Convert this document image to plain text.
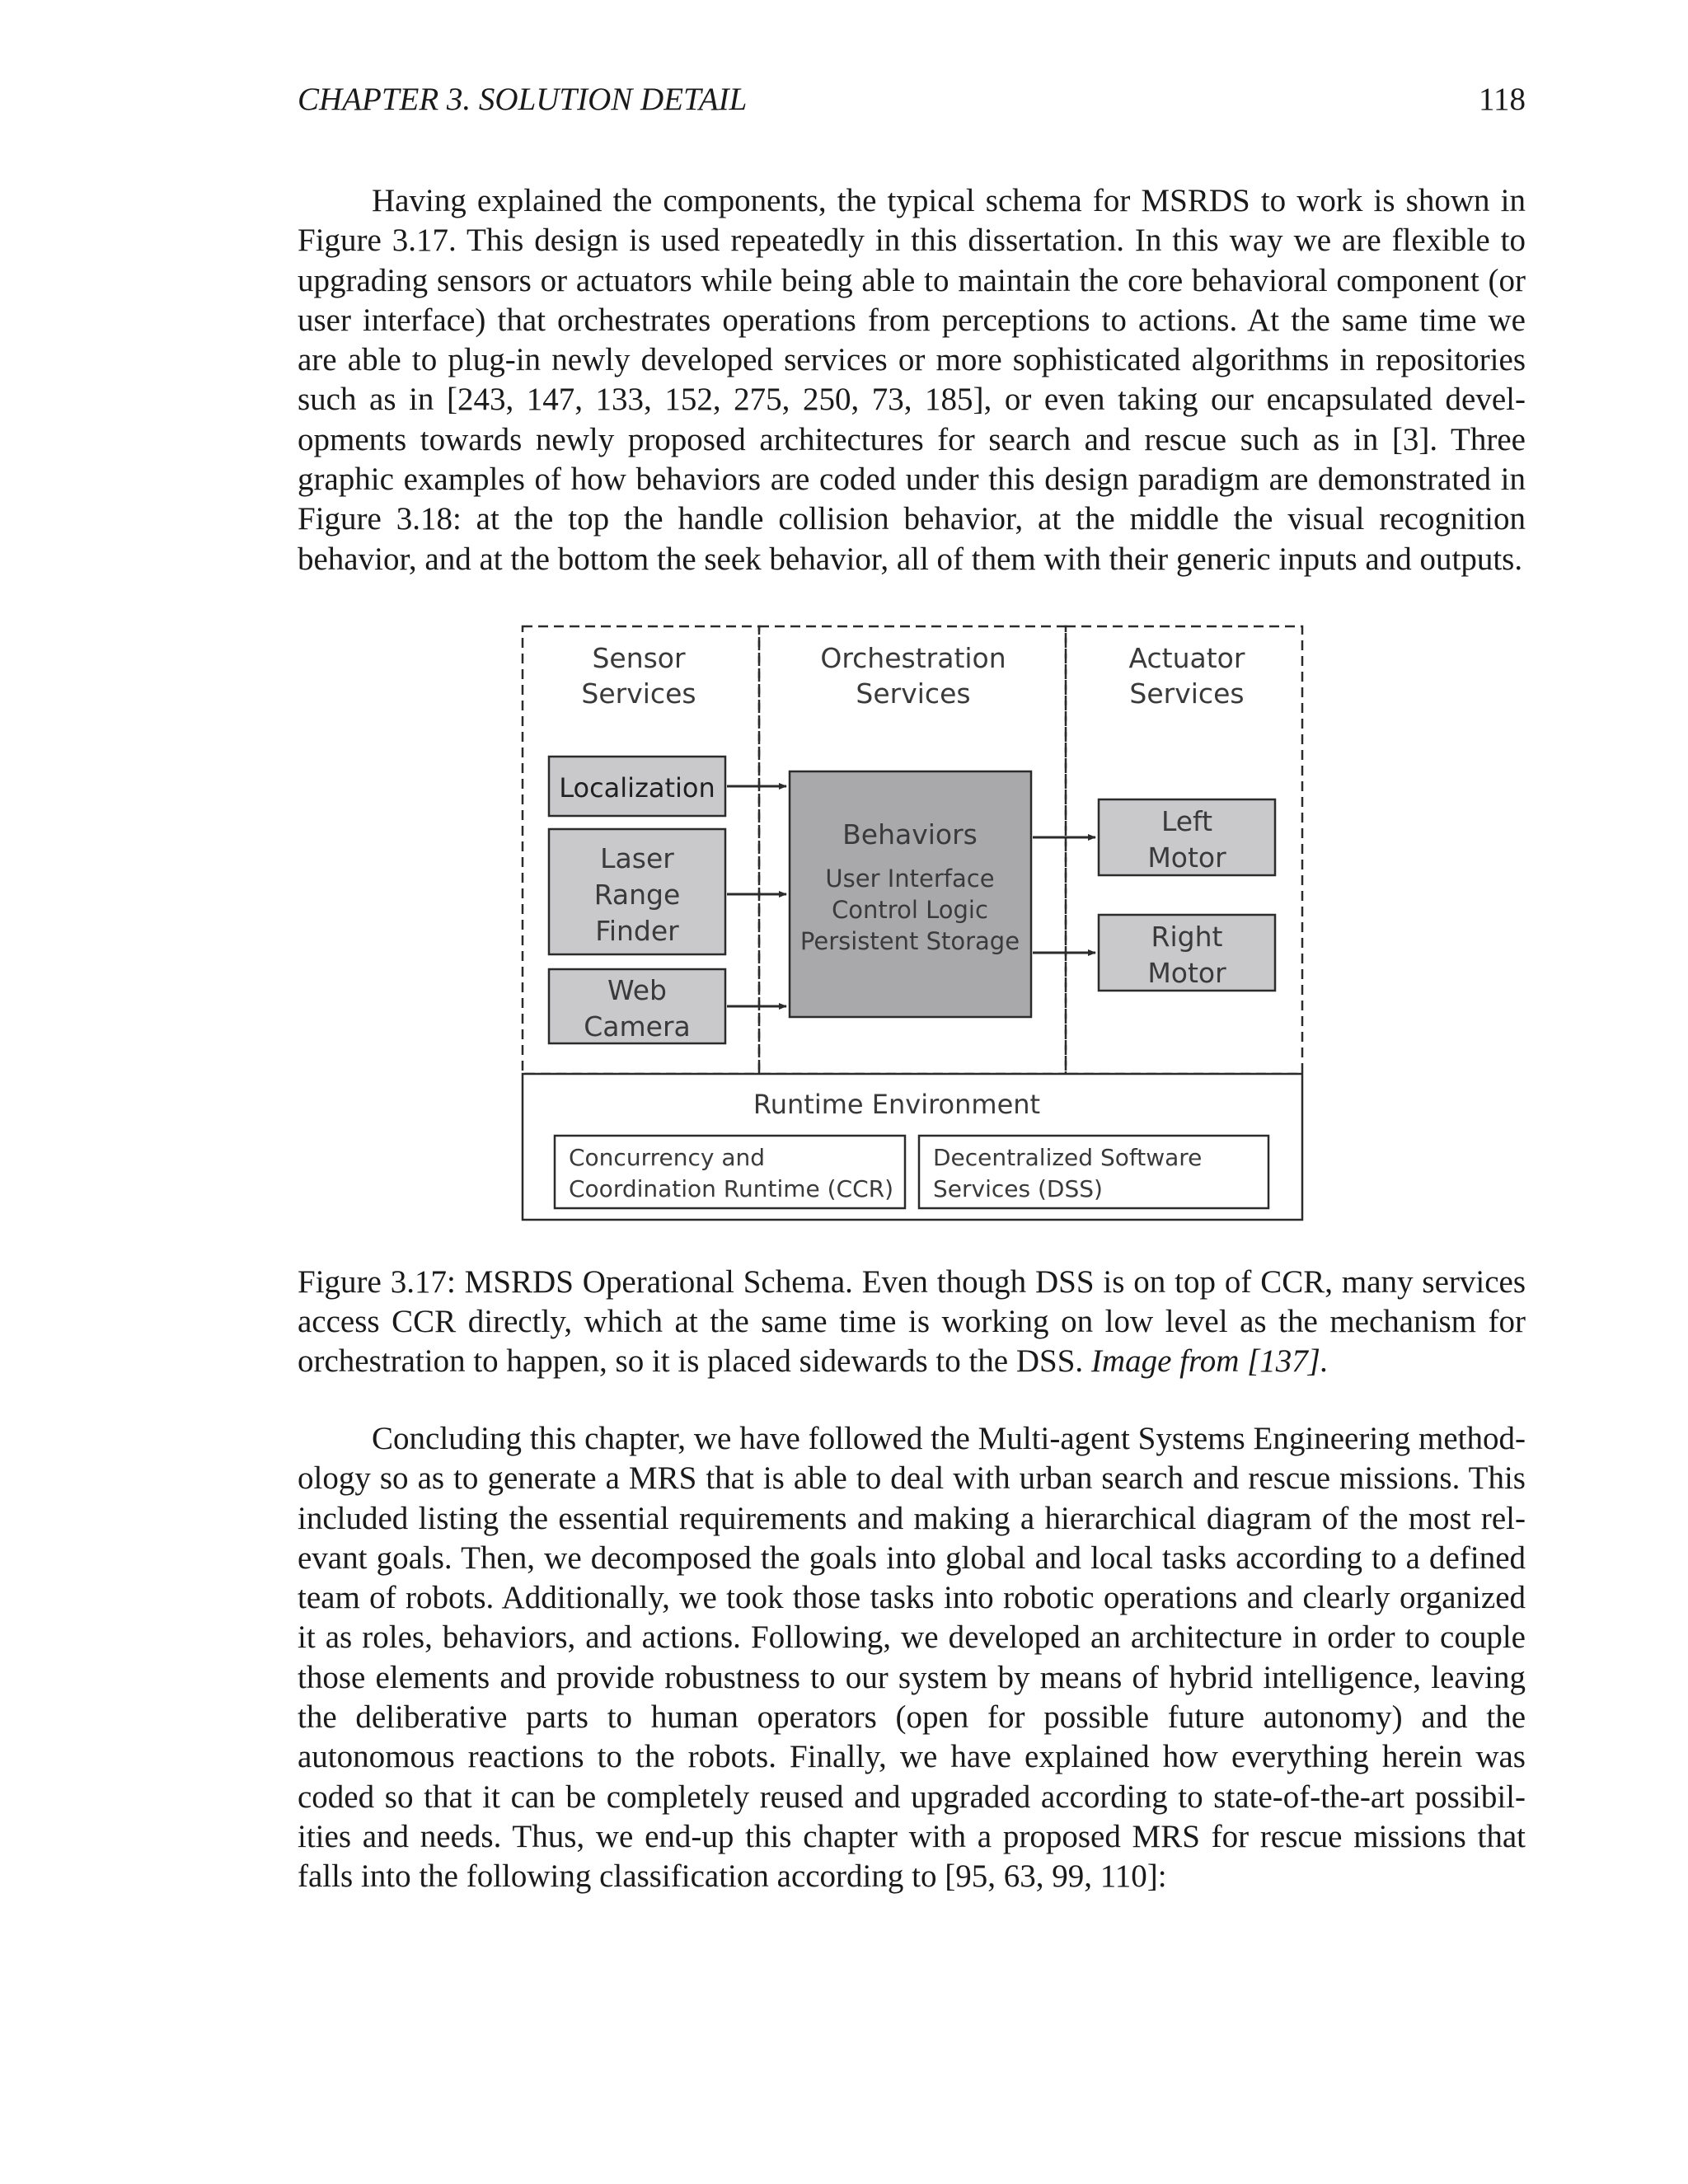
CHAPTER 3. SOLUTION DETAIL	118

Having explained the components, the typical schema for MSRDS to work is shown in Figure 3.17. This design is used repeatedly in this dissertation. In this way we are flexible to upgrading sensors or actuators while being able to maintain the core behavioral component (or user interface) that orchestrates operations from perceptions to actions. At the same time we are able to plug-in newly developed services or more sophisticated algorithms in repositories such as in [243, 147, 133, 152, 275, 250, 73, 185], or even taking our encapsulated developments towards newly proposed architectures for search and rescue such as in [3]. Three graphic examples of how behaviors are coded under this design paradigm are demonstrated in Figure 3.18: at the top the handle collision behavior, at the middle the visual recognition behavior, and at the bottom the seek behavior, all of them with their generic inputs and outputs.

Sensor
Services
Orchestration
Services
Actuator
Services
Localization
Laser
Range
Finder
Web
Camera
Behaviors
User Interface
Control Logic
Persistent Storage
Left
Motor
Right
Motor
Runtime Environment
Concurrency and
Coordination Runtime (CCR)
Decentralized Software
Services (DSS)

Figure 3.17: MSRDS Operational Schema. Even though DSS is on top of CCR, many services access CCR directly, which at the same time is working on low level as the mechanism for orchestration to happen, so it is placed sidewards to the DSS. Image from [137].

Concluding this chapter, we have followed the Multi-agent Systems Engineering methodology so as to generate a MRS that is able to deal with urban search and rescue missions. This included listing the essential requirements and making a hierarchical diagram of the most relevant goals. Then, we decomposed the goals into global and local tasks according to a defined team of robots. Additionally, we took those tasks into robotic operations and clearly organized it as roles, behaviors, and actions. Following, we developed an architecture in order to couple those elements and provide robustness to our system by means of hybrid intelligence, leaving the deliberative parts to human operators (open for possible future autonomy) and the autonomous reactions to the robots. Finally, we have explained how everything herein was coded so that it can be completely reused and upgraded according to state-of-the-art possibilities and needs. Thus, we end-up this chapter with a proposed MRS for rescue missions that falls into the following classification according to [95, 63, 99, 110]:
